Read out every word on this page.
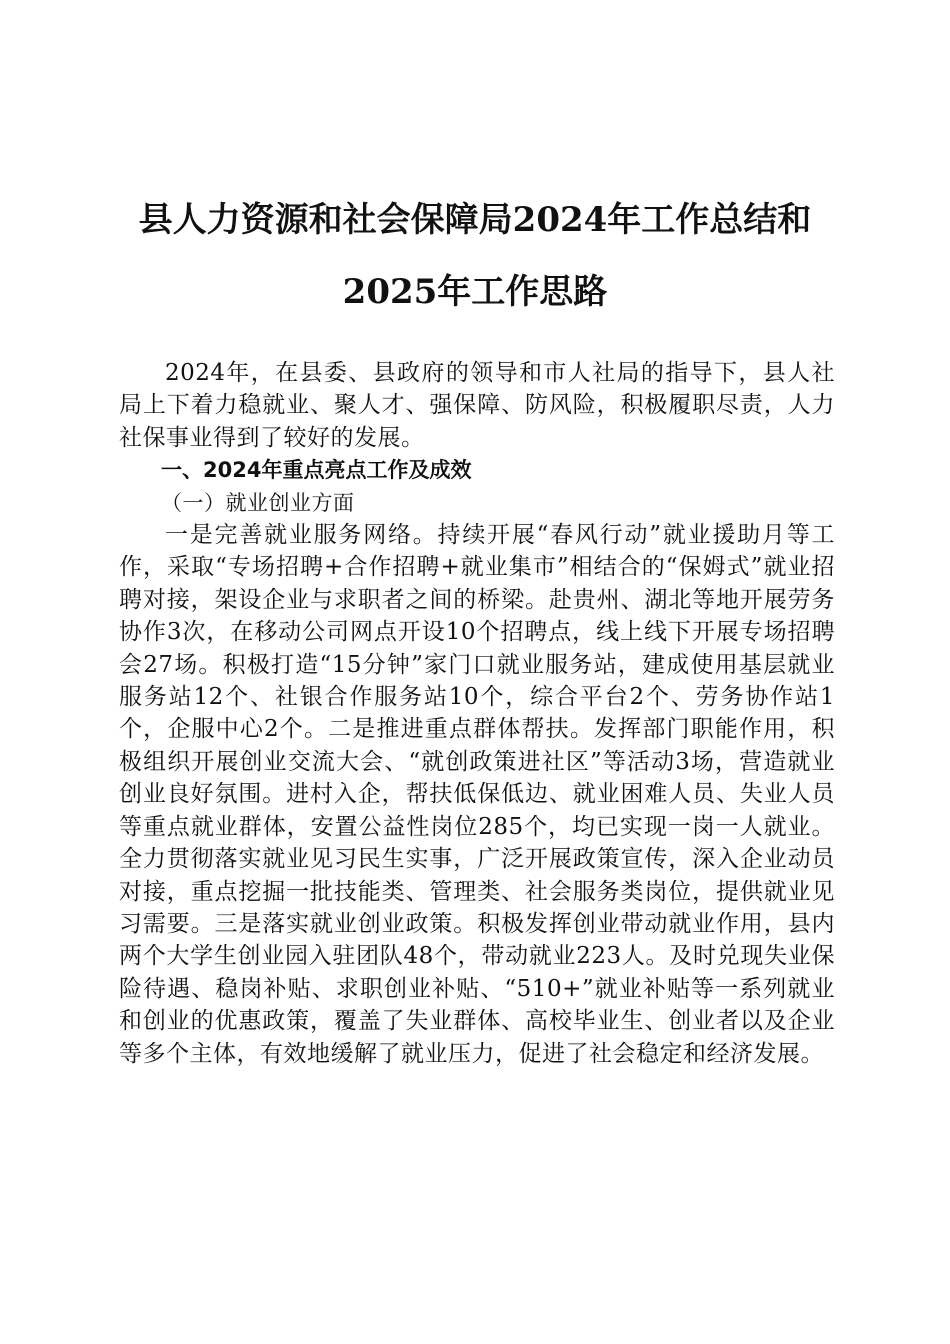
县人力资源和社会保障局2024年工作总结和
2025年工作思路

2024年，在县委、县政府的领导和市人社局的指导下，县人社局上下着力稳就业、聚人才、强保障、防风险，积极履职尽责，人力社保事业得到了较好的发展。

一、2024年重点亮点工作及成效

（一）就业创业方面

一是完善就业服务网络。持续开展“春风行动”就业援助月等工作，采取“专场招聘+合作招聘+就业集市”相结合的“保姆式”就业招聘对接，架设企业与求职者之间的桥梁。赴贵州、湖北等地开展劳务协作3次，在移动公司网点开设10个招聘点，线上线下开展专场招聘会27场。积极打造“15分钟”家门口就业服务站，建成使用基层就业服务站12个、社银合作服务站10个，综合平台2个、劳务协作站1个，企服中心2个。二是推进重点群体帮扶。发挥部门职能作用，积极组织开展创业交流大会、“就创政策进社区”等活动3场，营造就业创业良好氛围。进村入企，帮扶低保低边、就业困难人员、失业人员等重点就业群体，安置公益性岗位285个，均已实现一岗一人就业。全力贯彻落实就业见习民生实事，广泛开展政策宣传，深入企业动员对接，重点挖掘一批技能类、管理类、社会服务类岗位，提供就业见习需要。三是落实就业创业政策。积极发挥创业带动就业作用，县内两个大学生创业园入驻团队48个，带动就业223人。及时兑现失业保险待遇、稳岗补贴、求职创业补贴、“510+”就业补贴等一系列就业和创业的优惠政策，覆盖了失业群体、高校毕业生、创业者以及企业等多个主体，有效地缓解了就业压力，促进了社会稳定和经济发展。
